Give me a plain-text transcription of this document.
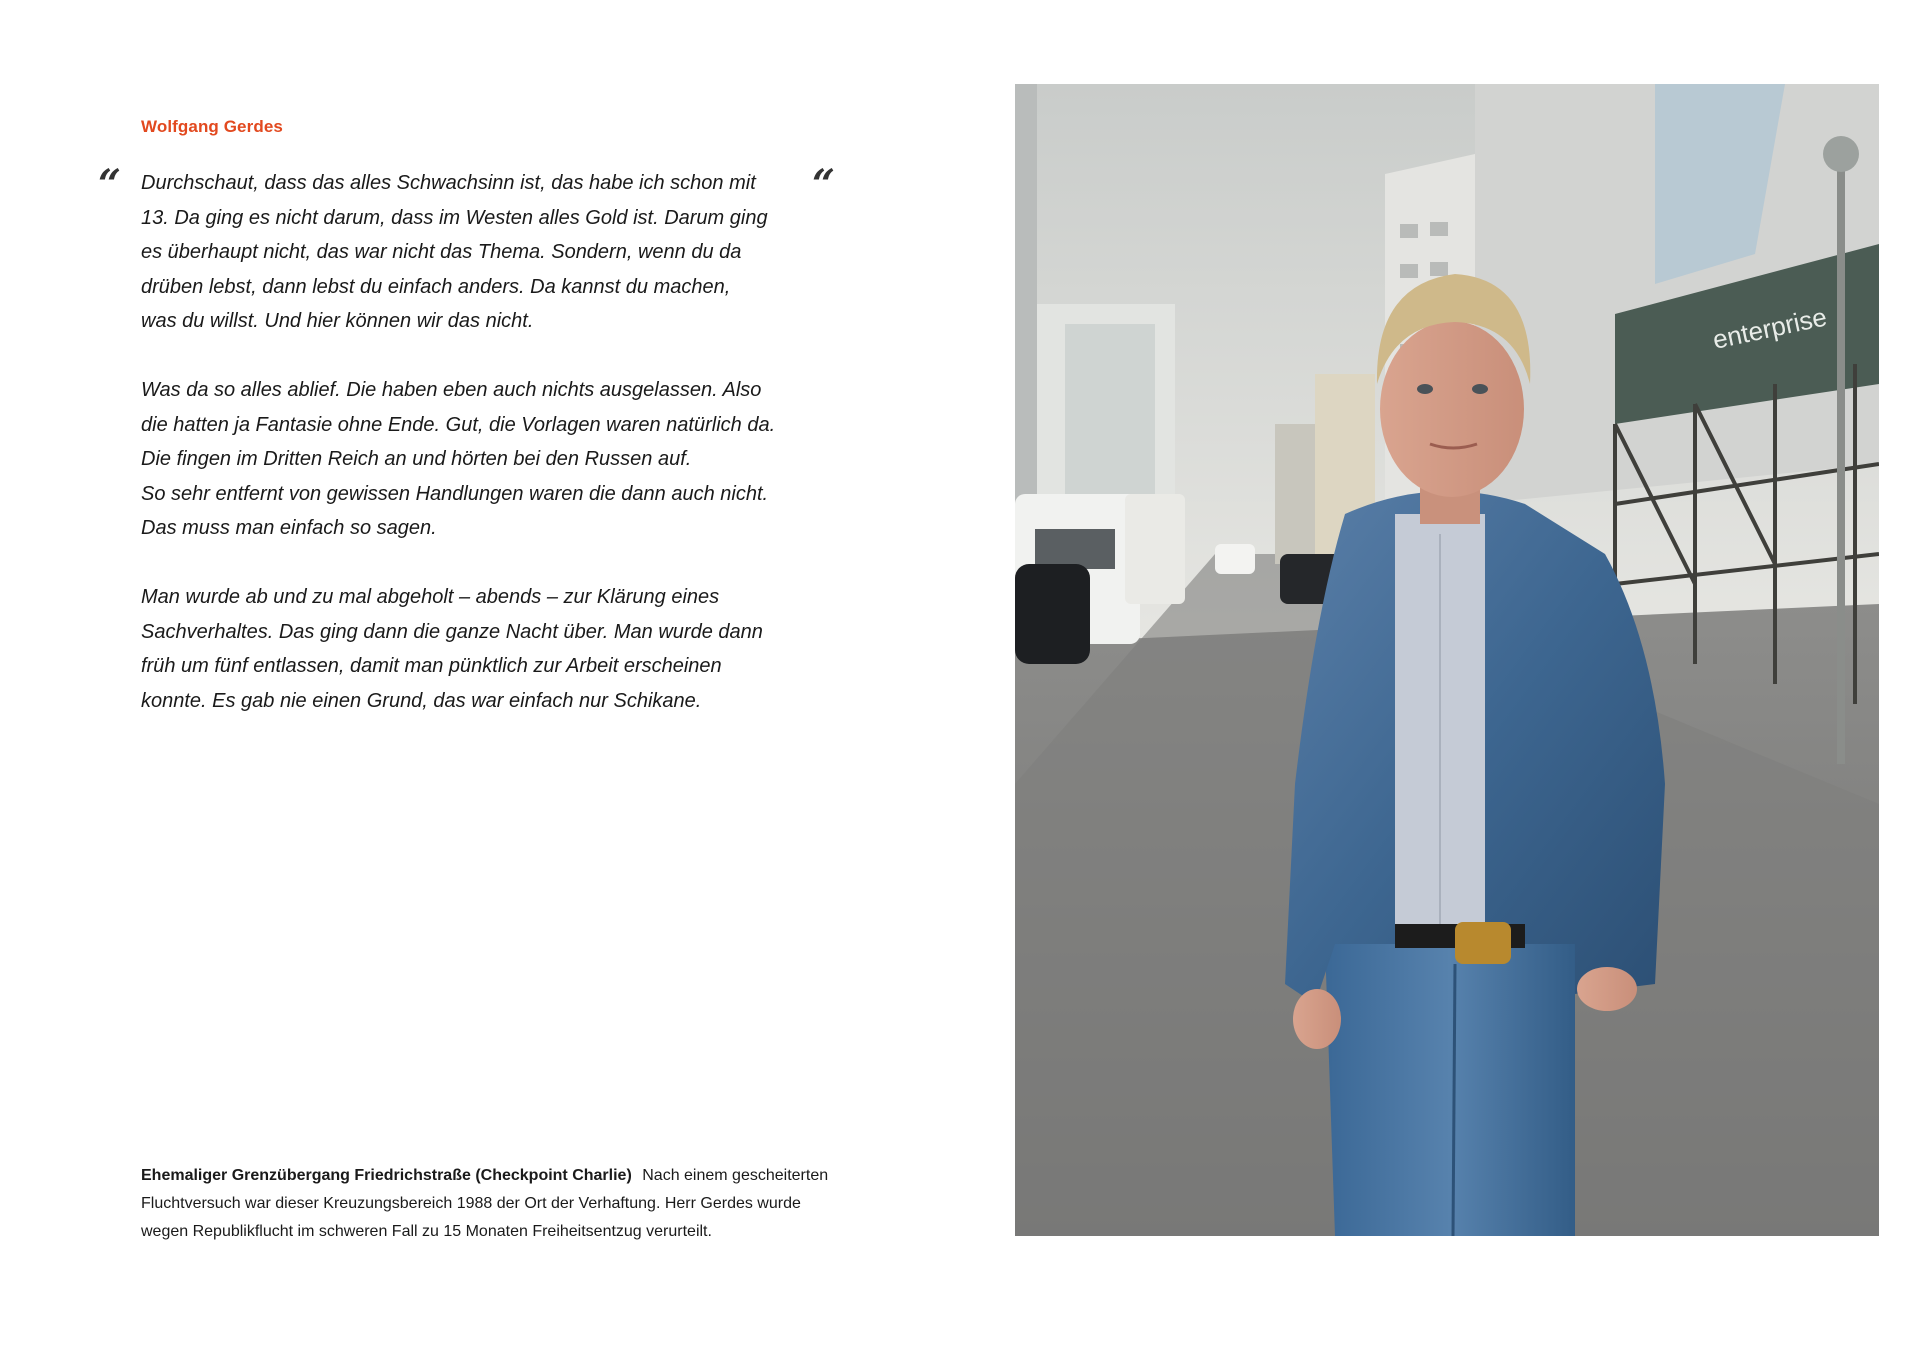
Wolfgang Gerdes
“	“
Durchschaut, dass das alles Schwachsinn ist, das habe ich schon mit
13. Da ging es nicht darum, dass im Westen alles Gold ist. Darum ging
es überhaupt nicht, das war nicht das Thema. Sondern, wenn du da
drüben lebst, dann lebst du einfach anders. Da kannst du machen,
was du willst. Und hier können wir das nicht.
Was da so alles ablief. Die haben eben auch nichts ausgelassen. Also
die hatten ja Fantasie ohne Ende. Gut, die Vorlagen waren natürlich da.
Die fingen im Dritten Reich an und hörten bei den Russen auf.
So sehr entfernt von gewissen Handlungen waren die dann auch nicht.
Das muss man einfach so sagen.
Man wurde ab und zu mal abgeholt – abends – zur Klärung eines
Sachverhaltes. Das ging dann die ganze Nacht über. Man wurde dann
früh um fünf entlassen, damit man pünktlich zur Arbeit erscheinen
konnte. Es gab nie einen Grund, das war einfach nur Schikane.
Ehemaliger Grenzübergang Friedrichstraße (Checkpoint Charlie) Nach einem gescheiterten
Fluchtversuch war dieser Kreuzungsbereich 1988 der Ort der Verhaftung. Herr Gerdes wurde
wegen Republikflucht im schweren Fall zu 15 Monaten Freiheitsentzug verurteilt.
enterprise
